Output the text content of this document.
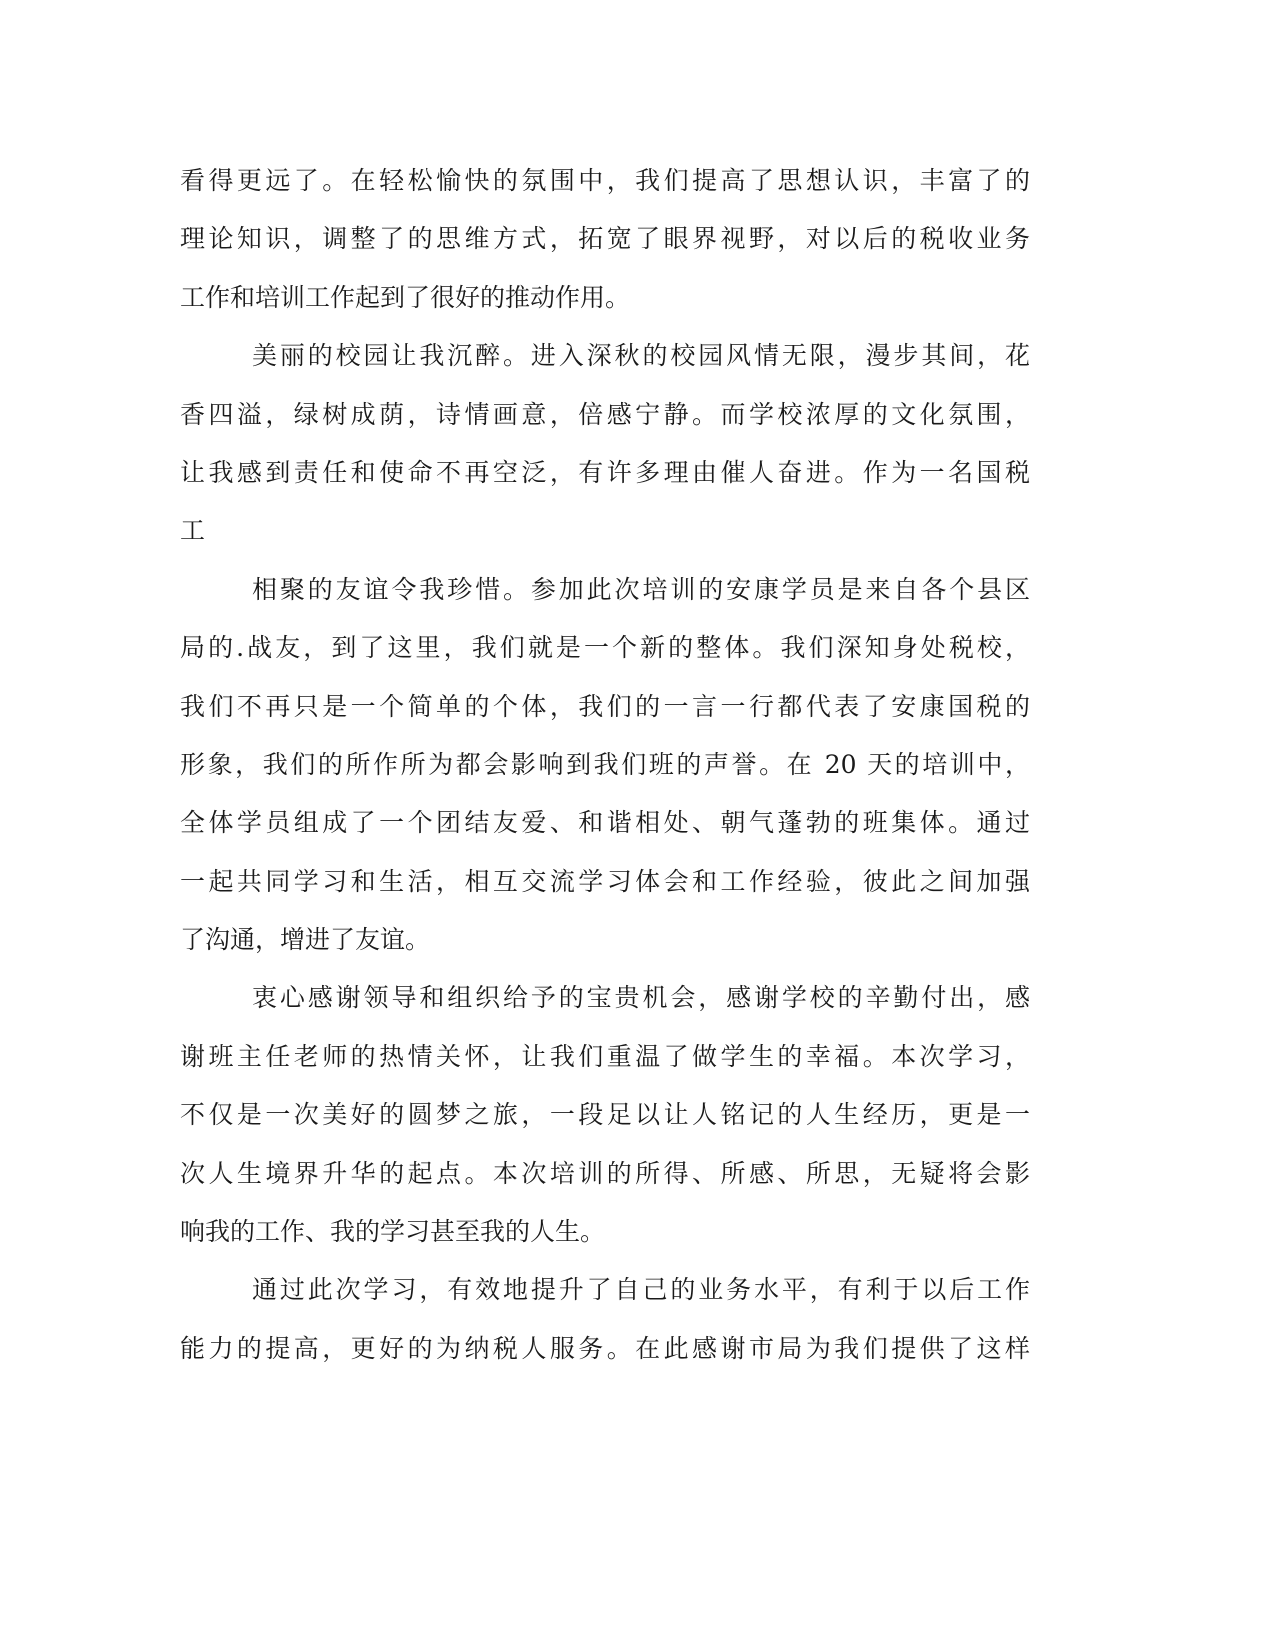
看得更远了。在轻松愉快的氛围中，我们提高了思想认识，丰富了的
理论知识，调整了的思维方式，拓宽了眼界视野，对以后的税收业务
工作和培训工作起到了很好的推动作用。
美丽的校园让我沉醉。进入深秋的校园风情无限，漫步其间，花
香四溢，绿树成荫，诗情画意，倍感宁静。而学校浓厚的文化氛围，
让我感到责任和使命不再空泛，有许多理由催人奋进。作为一名国税
工
相聚的友谊令我珍惜。参加此次培训的安康学员是来自各个县区
局的.战友，到了这里，我们就是一个新的整体。我们深知身处税校，
我们不再只是一个简单的个体，我们的一言一行都代表了安康国税的
形象，我们的所作所为都会影响到我们班的声誉。在 20 天的培训中，
全体学员组成了一个团结友爱、和谐相处、朝气蓬勃的班集体。通过
一起共同学习和生活，相互交流学习体会和工作经验，彼此之间加强
了沟通，增进了友谊。
衷心感谢领导和组织给予的宝贵机会，感谢学校的辛勤付出，感
谢班主任老师的热情关怀，让我们重温了做学生的幸福。本次学习，
不仅是一次美好的圆梦之旅，一段足以让人铭记的人生经历，更是一
次人生境界升华的起点。本次培训的所得、所感、所思，无疑将会影
响我的工作、我的学习甚至我的人生。
通过此次学习，有效地提升了自己的业务水平，有利于以后工作
能力的提高，更好的为纳税人服务。在此感谢市局为我们提供了这样
